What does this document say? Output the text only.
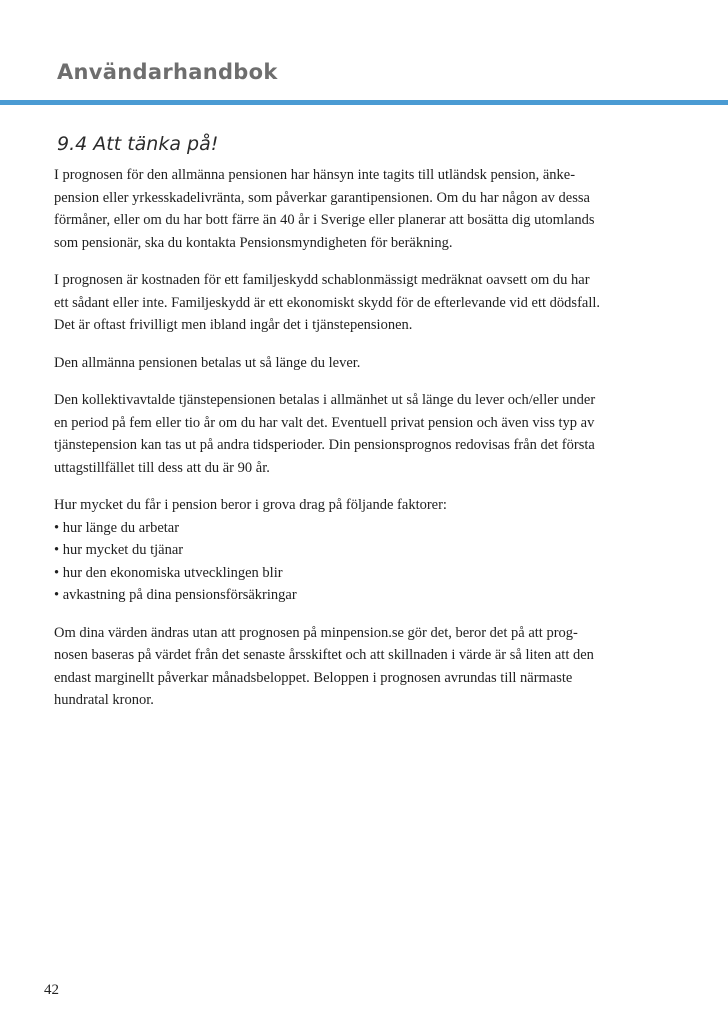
Användarhandbok
9.4 Att tänka på!

I prognosen för den allmänna pensionen har hänsyn inte tagits till utländsk pension, änke-
pension eller yrkesskadelivränta, som påverkar garantipensionen. Om du har någon av dessa
förmåner, eller om du har bott färre än 40 år i Sverige eller planerar att bosätta dig utomlands
som pensionär, ska du kontakta Pensionsmyndigheten för beräkning.

I prognosen är kostnaden för ett familjeskydd schablonmässigt medräknat oavsett om du har
ett sådant eller inte. Familjeskydd är ett ekonomiskt skydd för de efterlevande vid ett dödsfall.
Det är oftast frivilligt men ibland ingår det i tjänstepensionen.

Den allmänna pensionen betalas ut så länge du lever.

Den kollektivavtalde tjänstepensionen betalas i allmänhet ut så länge du lever och/eller under
en period på fem eller tio år om du har valt det. Eventuell privat pension och även viss typ av
tjänstepension kan tas ut på andra tidsperioder. Din pensionsprognos redovisas från det första
uttagstillfället till dess att du är 90 år.

Hur mycket du får i pension beror i grova drag på följande faktorer:
• hur länge du arbetar
• hur mycket du tjänar
• hur den ekonomiska utvecklingen blir
• avkastning på dina pensionsförsäkringar

Om dina värden ändras utan att prognosen på minpension.se gör det, beror det på att prog-
nosen baseras på värdet från det senaste årsskiftet och att skillnaden i värde är så liten att den
endast marginellt påverkar månadsbeloppet. Beloppen i prognosen avrundas till närmaste
hundratal kronor.

42
